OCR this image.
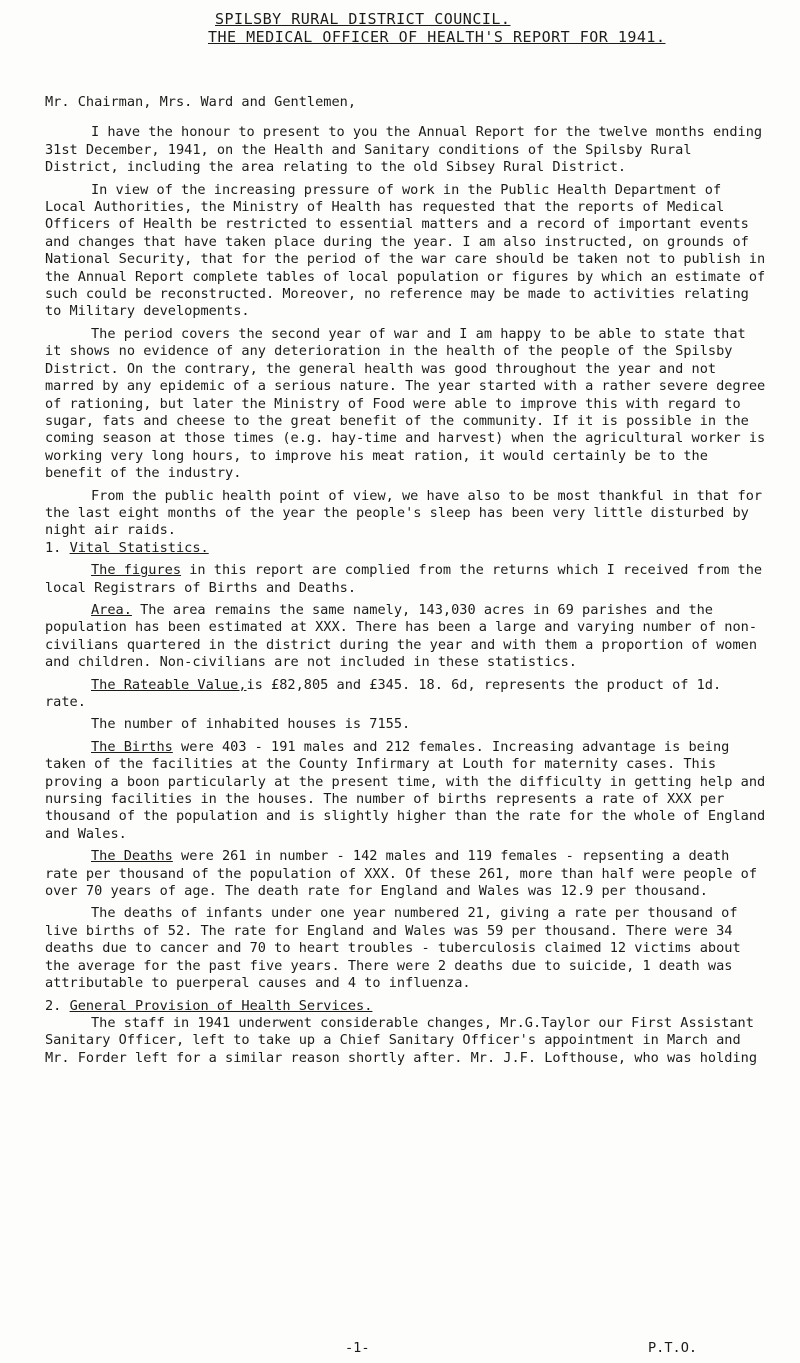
SPILSBY RURAL DISTRICT COUNCIL.
THE MEDICAL OFFICER OF HEALTH'S REPORT FOR 1941.

Mr. Chairman, Mrs. Ward and Gentlemen,

I have the honour to present to you the Annual Report for the twelve months ending 31st December, 1941, on the Health and Sanitary conditions of the Spilsby Rural District, including the area relating to the old Sibsey Rural District.

In view of the increasing pressure of work in the Public Health Department of Local Authorities, the Ministry of Health has requested that the reports of Medical Officers of Health be restricted to essential matters and a record of important events and changes that have taken place during the year. I am also instructed, on grounds of National Security, that for the period of the war care should be taken not to publish in the Annual Report complete tables of local population or figures by which an estimate of such could be reconstructed. Moreover, no reference may be made to activities relating to Military developments.

The period covers the second year of war and I am happy to be able to state that it shows no evidence of any deterioration in the health of the people of the Spilsby District. On the contrary, the general health was good throughout the year and not marred by any epidemic of a serious nature. The year started with a rather severe degree of rationing, but later the Ministry of Food were able to improve this with regard to sugar, fats and cheese to the great benefit of the community. If it is possible in the coming season at those times (e.g. hay-time and harvest) when the agricultural worker is working very long hours, to improve his meat ration, it would certainly be to the benefit of the industry.

From the public health point of view, we have also to be most thankful in that for the last eight months of the year the people's sleep has been very little disturbed by night air raids.

1. Vital Statistics.

The figures in this report are complied from the returns which I received from the local Registrars of Births and Deaths.

Area. The area remains the same namely, 143,030 acres in 69 parishes and the population has been estimated at XXX. There has been a large and varying number of non-civilians quartered in the district during the year and with them a proportion of women and children. Non-civilians are not included in these statistics.

The Rateable Value,is £82,805 and £345. 18. 6d, represents the product of 1d. rate.

The number of inhabited houses is 7155.

The Births were 403 - 191 males and 212 females. Increasing advantage is being taken of the facilities at the County Infirmary at Louth for maternity cases. This proving a boon particularly at the present time, with the difficulty in getting help and nursing facilities in the houses. The number of births represents a rate of XXX per thousand of the population and is slightly higher than the rate for the whole of England and Wales.

The Deaths were 261 in number - 142 males and 119 females - repsenting a death rate per thousand of the population of XXX. Of these 261, more than half were people of over 70 years of age. The death rate for England and Wales was 12.9 per thousand.

The deaths of infants under one year numbered 21, giving a rate per thousand of live births of 52. The rate for England and Wales was 59 per thousand. There were 34 deaths due to cancer and 70 to heart troubles - tuberculosis claimed 12 victims about the average for the past five years. There were 2 deaths due to suicide, 1 death was attributable to puerperal causes and 4 to influenza.

2. General Provision of Health Services.

The staff in 1941 underwent considerable changes, Mr.G.Taylor our First Assistant Sanitary Officer, left to take up a Chief Sanitary Officer's appointment in March and Mr. Forder left for a similar reason shortly after. Mr. J.F. Lofthouse, who was holding

-1-	P.T.O.
